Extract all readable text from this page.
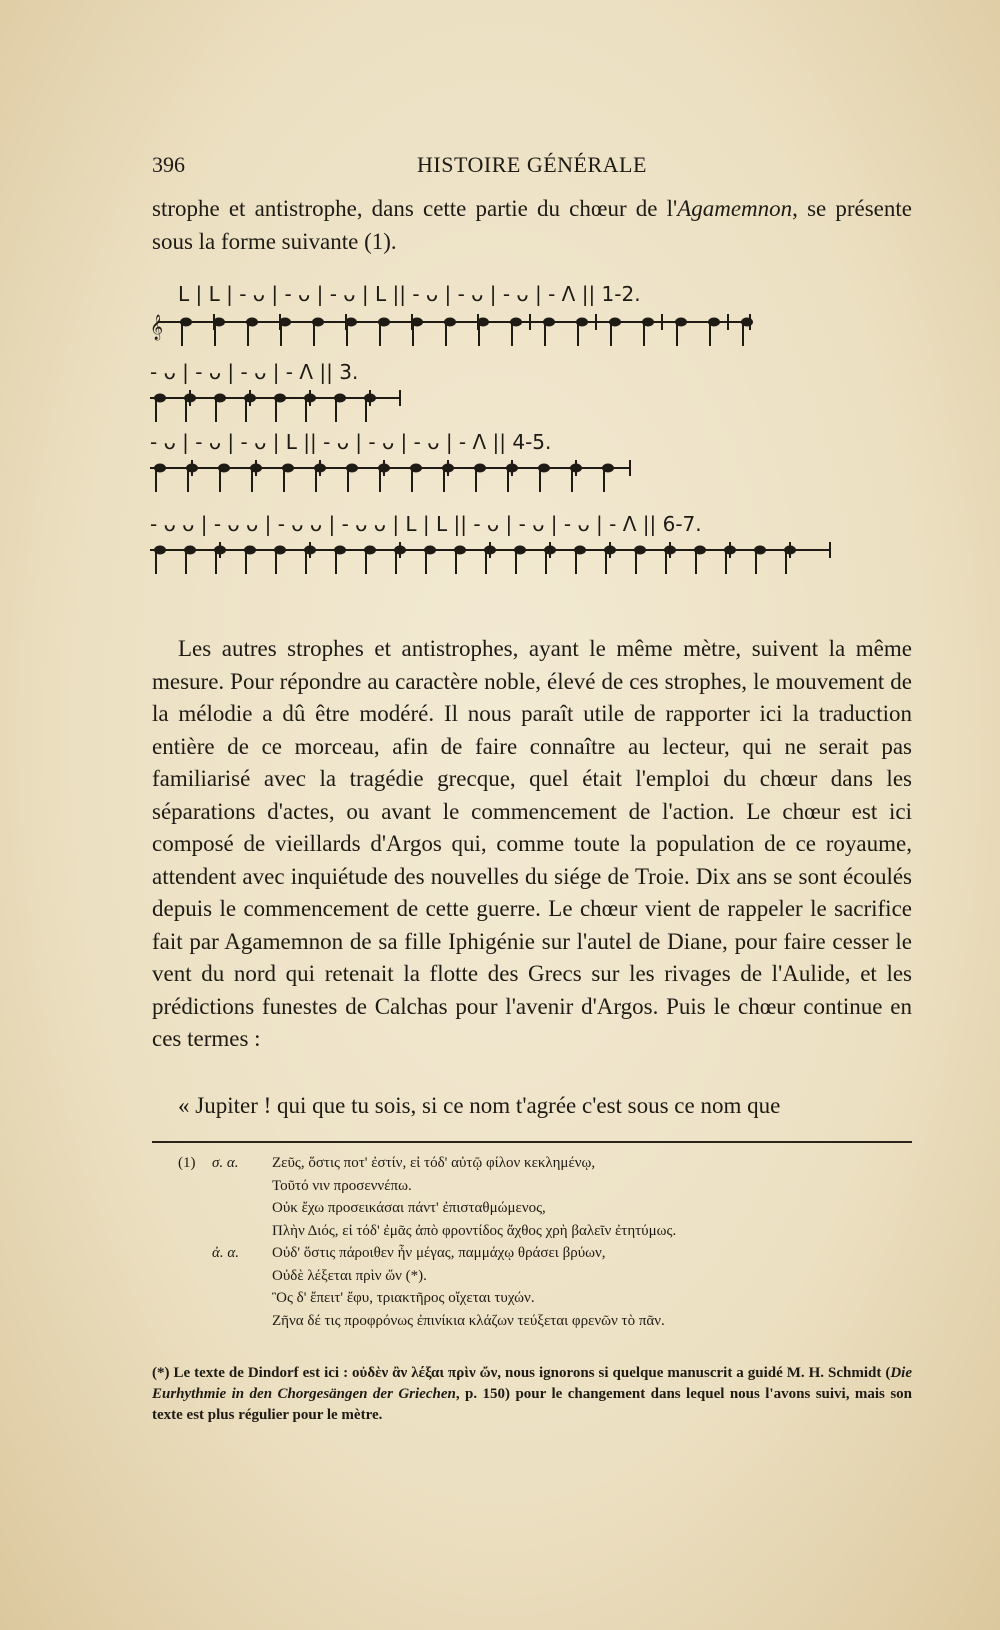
396	HISTOIRE GÉNÉRALE

strophe et antistrophe, dans cette partie du chœur de l'Agamemnon, se présente sous la forme suivante (1).

L | L | - ᴗ | - ᴗ | - ᴗ | L || - ᴗ | - ᴗ | - ᴗ | - Λ || 1-2.
𝄞
- ᴗ | - ᴗ | - ᴗ | - Λ || 3.
- ᴗ | - ᴗ | - ᴗ | L || - ᴗ | - ᴗ | - ᴗ | - Λ || 4-5.
- ᴗ ᴗ | - ᴗ ᴗ | - ᴗ ᴗ | - ᴗ ᴗ | L | L || - ᴗ | - ᴗ | - ᴗ | - Λ || 6-7.

Les autres strophes et antistrophes, ayant le même mètre, suivent la même mesure. Pour répondre au caractère noble, élevé de ces strophes, le mouvement de la mélodie a dû être modéré. Il nous paraît utile de rapporter ici la traduction entière de ce morceau, afin de faire connaître au lecteur, qui ne serait pas familiarisé avec la tragédie grecque, quel était l'emploi du chœur dans les séparations d'actes, ou avant le commencement de l'action. Le chœur est ici composé de vieillards d'Argos qui, comme toute la population de ce royaume, attendent avec inquiétude des nouvelles du siége de Troie. Dix ans se sont écoulés depuis le commencement de cette guerre. Le chœur vient de rappeler le sacrifice fait par Agamemnon de sa fille Iphigénie sur l'autel de Diane, pour faire cesser le vent du nord qui retenait la flotte des Grecs sur les rivages de l'Aulide, et les prédictions funestes de Calchas pour l'avenir d'Argos. Puis le chœur continue en ces termes :

« Jupiter ! qui que tu sois, si ce nom t'agrée c'est sous ce nom que

(1) σ. α. Ζεῦς, ὅστις ποτ' ἐστίν, εἰ τόδ' αὐτῷ φίλον κεκλημένῳ,
Τοῦτό νιν προσεννέπω.
Οὐκ ἔχω προσεικάσαι πάντ' ἐπισταθμώμενος,
Πλὴν Διός, εἰ τόδ' ἐμᾶς ἀπὸ φροντίδος ἄχθος χρὴ βαλεῖν ἐτητύμως.
ἀ. α. Οὐδ' ὅστις πάροιθεν ἦν μέγας, παμμάχῳ θράσει βρύων,
Οὐδὲ λέξεται πρὶν ὤν (*).
Ὃς δ' ἔπειτ' ἔφυ, τριακτῆρος οἴχεται τυχών.
Ζῆνα δέ τις προφρόνως ἐπινίκια κλάζων τεύξεται φρενῶν τὸ πᾶν.

(*) Le texte de Dindorf est ici : οὐδὲν ἂν λέξαι πρὶν ὤν, nous ignorons si quelque manuscrit a guidé M. H. Schmidt (Die Eurhythmie in den Chorgesängen der Griechen, p. 150) pour le changement dans lequel nous l'avons suivi, mais son texte est plus régulier pour le mètre.
